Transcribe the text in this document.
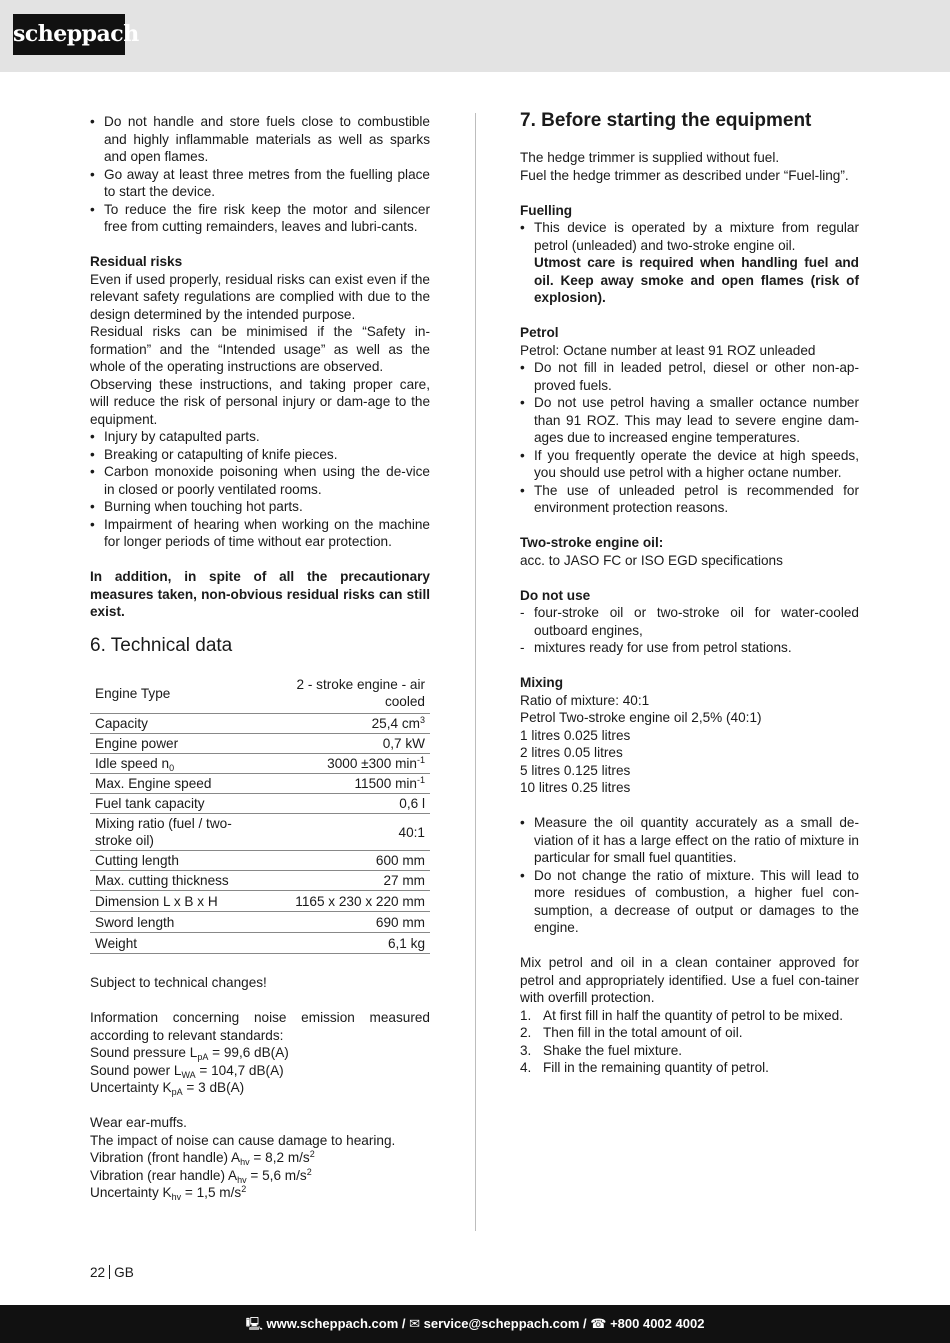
scheppach
• Do not handle and store fuels close to combustible and highly inflammable materials as well as sparks and open flames.
• Go away at least three metres from the fuelling place to start the device.
• To reduce the fire risk keep the motor and silencer free from cutting remainders, leaves and lubri-cants.

Residual risks

Even if used properly, residual risks can exist even if the relevant safety regulations are complied with due to the design determined by the intended purpose.

Residual risks can be minimised if the “Safety in-formation” and the “Intended usage” as well as the whole of the operating instructions are observed.

Observing these instructions, and taking proper care, will reduce the risk of personal injury or dam-age to the equipment.

• Injury by catapulted parts.
• Breaking or catapulting of knife pieces.
• Carbon monoxide poisoning when using the de-vice in closed or poorly ventilated rooms.
• Burning when touching hot parts.
• Impairment of hearing when working on the machine for longer periods of time without ear protection.

In addition, in spite of all the precautionary measures taken, non-obvious residual risks can still exist.

6. Technical data
Engine Type	2 - stroke engine - air cooled
Capacity	25,4 $cm^3$
Engine power	0,7 kW
Idle speed $n_0$	3000 ±300 $\min^{-1}$
Max. Engine speed	11500 $\min^{-1}$
Fuel tank capacity	0,6 l
Mixing ratio (fuel / two-stroke oil)	40:1
Cutting length	600 mm
Max. cutting thickness	27 mm
Dimension L x B x H	1165 x 230 x 220 mm
Sword length	690 mm
Weight	6,1 kg

Subject to technical changes!

Information concerning noise emission measured according to relevant standards:

Sound pressure $L_{pA} = 99,6$ dB(A)

Sound power $L_{WA} = 104,7$ dB(A)

Uncertainty $K_{pA} = 3$ dB(A)

Wear ear-muffs.

The impact of noise can cause damage to hearing.

Vibration (front handle) $A_{hv} = 8,2$ $m/s^2$

Vibration (rear handle) $A_{hv} = 5,6$ $m/s^2$

Uncertainty $K_{hv} = 1,5$ $m/s^2$

7. Before starting the equipment

The hedge trimmer is supplied without fuel.

Fuel the hedge trimmer as described under “Fuel-ling”.

Fuelling

• This device is operated by a mixture from regular petrol (unleaded) and two-stroke engine oil.

Utmost care is required when handling fuel and oil. Keep away smoke and open flames (risk of explosion).

Petrol

Petrol: Octane number at least 91 ROZ unleaded

• Do not fill in leaded petrol, diesel or other non-ap-proved fuels.
• Do not use petrol having a smaller octance number than 91 ROZ. This may lead to severe engine dam-ages due to increased engine temperatures.
• If you frequently operate the device at high speeds, you should use petrol with a higher octane number.
• The use of unleaded petrol is recommended for environment protection reasons.

Two-stroke engine oil:

acc. to JASO FC or ISO EGD specifications

Do not use

- four-stroke oil or two-stroke oil for water-cooled outboard engines,
- mixtures ready for use from petrol stations.

Mixing

Ratio of mixture: 40:1

Petrol Two-stroke engine oil 2,5% (40:1)

1 litres 0.025 litres

2 litres 0.05 litres

5 litres 0.125 litres

10 litres 0.25 litres

• Measure the oil quantity accurately as a small de-viation of it has a large effect on the ratio of mixture in particular for small fuel quantities.
• Do not change the ratio of mixture. This will lead to more residues of combustion, a higher fuel con-sumption, a decrease of output or damages to the engine.

Mix petrol and oil in a clean container approved for petrol and appropriately identified. Use a fuel con-tainer with overfill protection.

1. At first fill in half the quantity of petrol to be mixed.
2. Then fill in the total amount of oil.
3. Shake the fuel mixture.
4. Fill in the remaining quantity of petrol.
22 GB
🖳 www.scheppach.com / ✉ service@scheppach.com / ☎ +800 4002 4002
